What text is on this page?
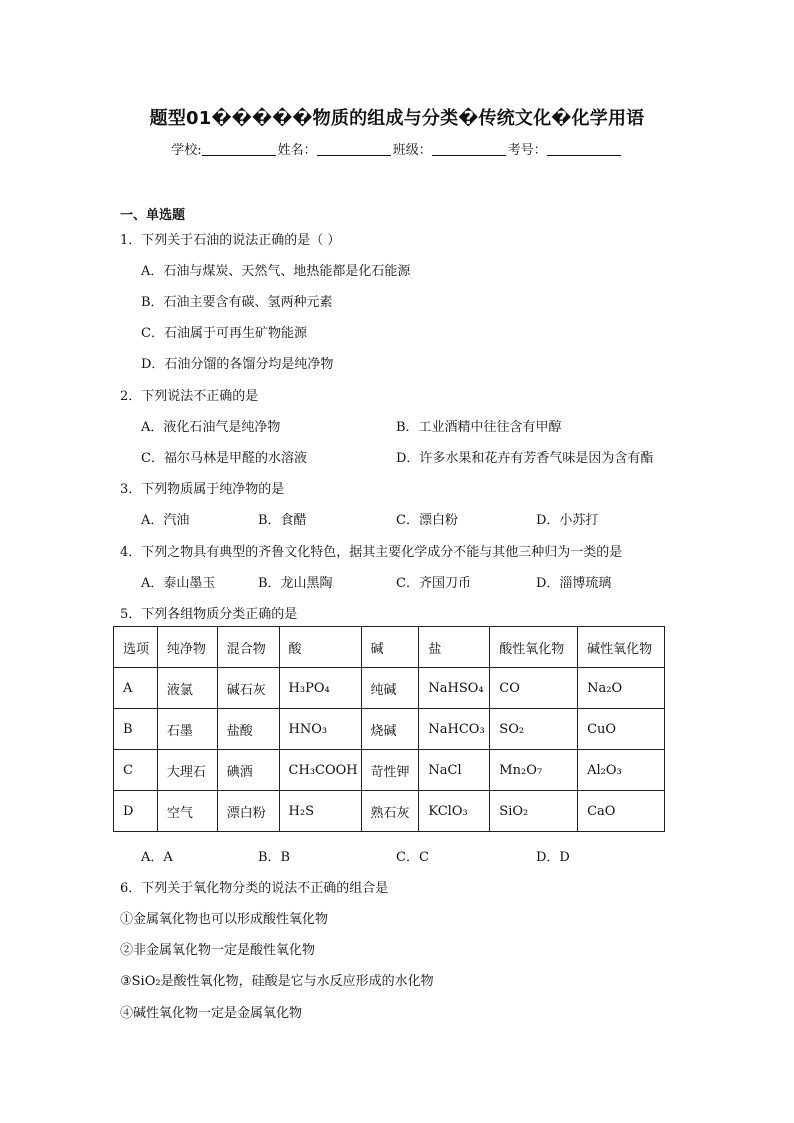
题型01�����物质的组成与分类�传统文化�化学用语
学校:	姓名：	班级：	考号：
一、单选题
1．下列关于石油的说法正确的是（ ）
A．石油与煤炭、天然气、地热能都是化石能源
B．石油主要含有碳、氢两种元素
C．石油属于可再生矿物能源
D．石油分馏的各馏分均是纯净物
2．下列说法不正确的是
A．液化石油气是纯净物	B．工业酒精中往往含有甲醇
C．福尔马林是甲醛的水溶液	D．许多水果和花卉有芳香气味是因为含有酯
3．下列物质属于纯净物的是
A．汽油	B．食醋	C．漂白粉	D．小苏打
4．下列之物具有典型的齐鲁文化特色，据其主要化学成分不能与其他三种归为一类的是
A．泰山墨玉	B．龙山黑陶	C．齐国刀币	D．淄博琉璃
5．下列各组物质分类正确的是
选项	纯净物	混合物	酸	碱	盐	酸性氧化物	碱性氧化物
A	液氯	碱石灰	H₃PO₄	纯碱	NaHSO₄	CO	Na₂O
B	石墨	盐酸	HNO₃	烧碱	NaHCO₃	SO₂	CuO
C	大理石	碘酒	CH₃COOH	苛性钾	NaCl	Mn₂O₇	Al₂O₃
D	空气	漂白粉	H₂S	熟石灰	KClO₃	SiO₂	CaO
A．A	B．B	C．C	D．D
6．下列关于氧化物分类的说法不正确的组合是
①金属氧化物也可以形成酸性氧化物
②非金属氧化物一定是酸性氧化物
③SiO₂是酸性氧化物，硅酸是它与水反应形成的水化物
④碱性氧化物一定是金属氧化物
